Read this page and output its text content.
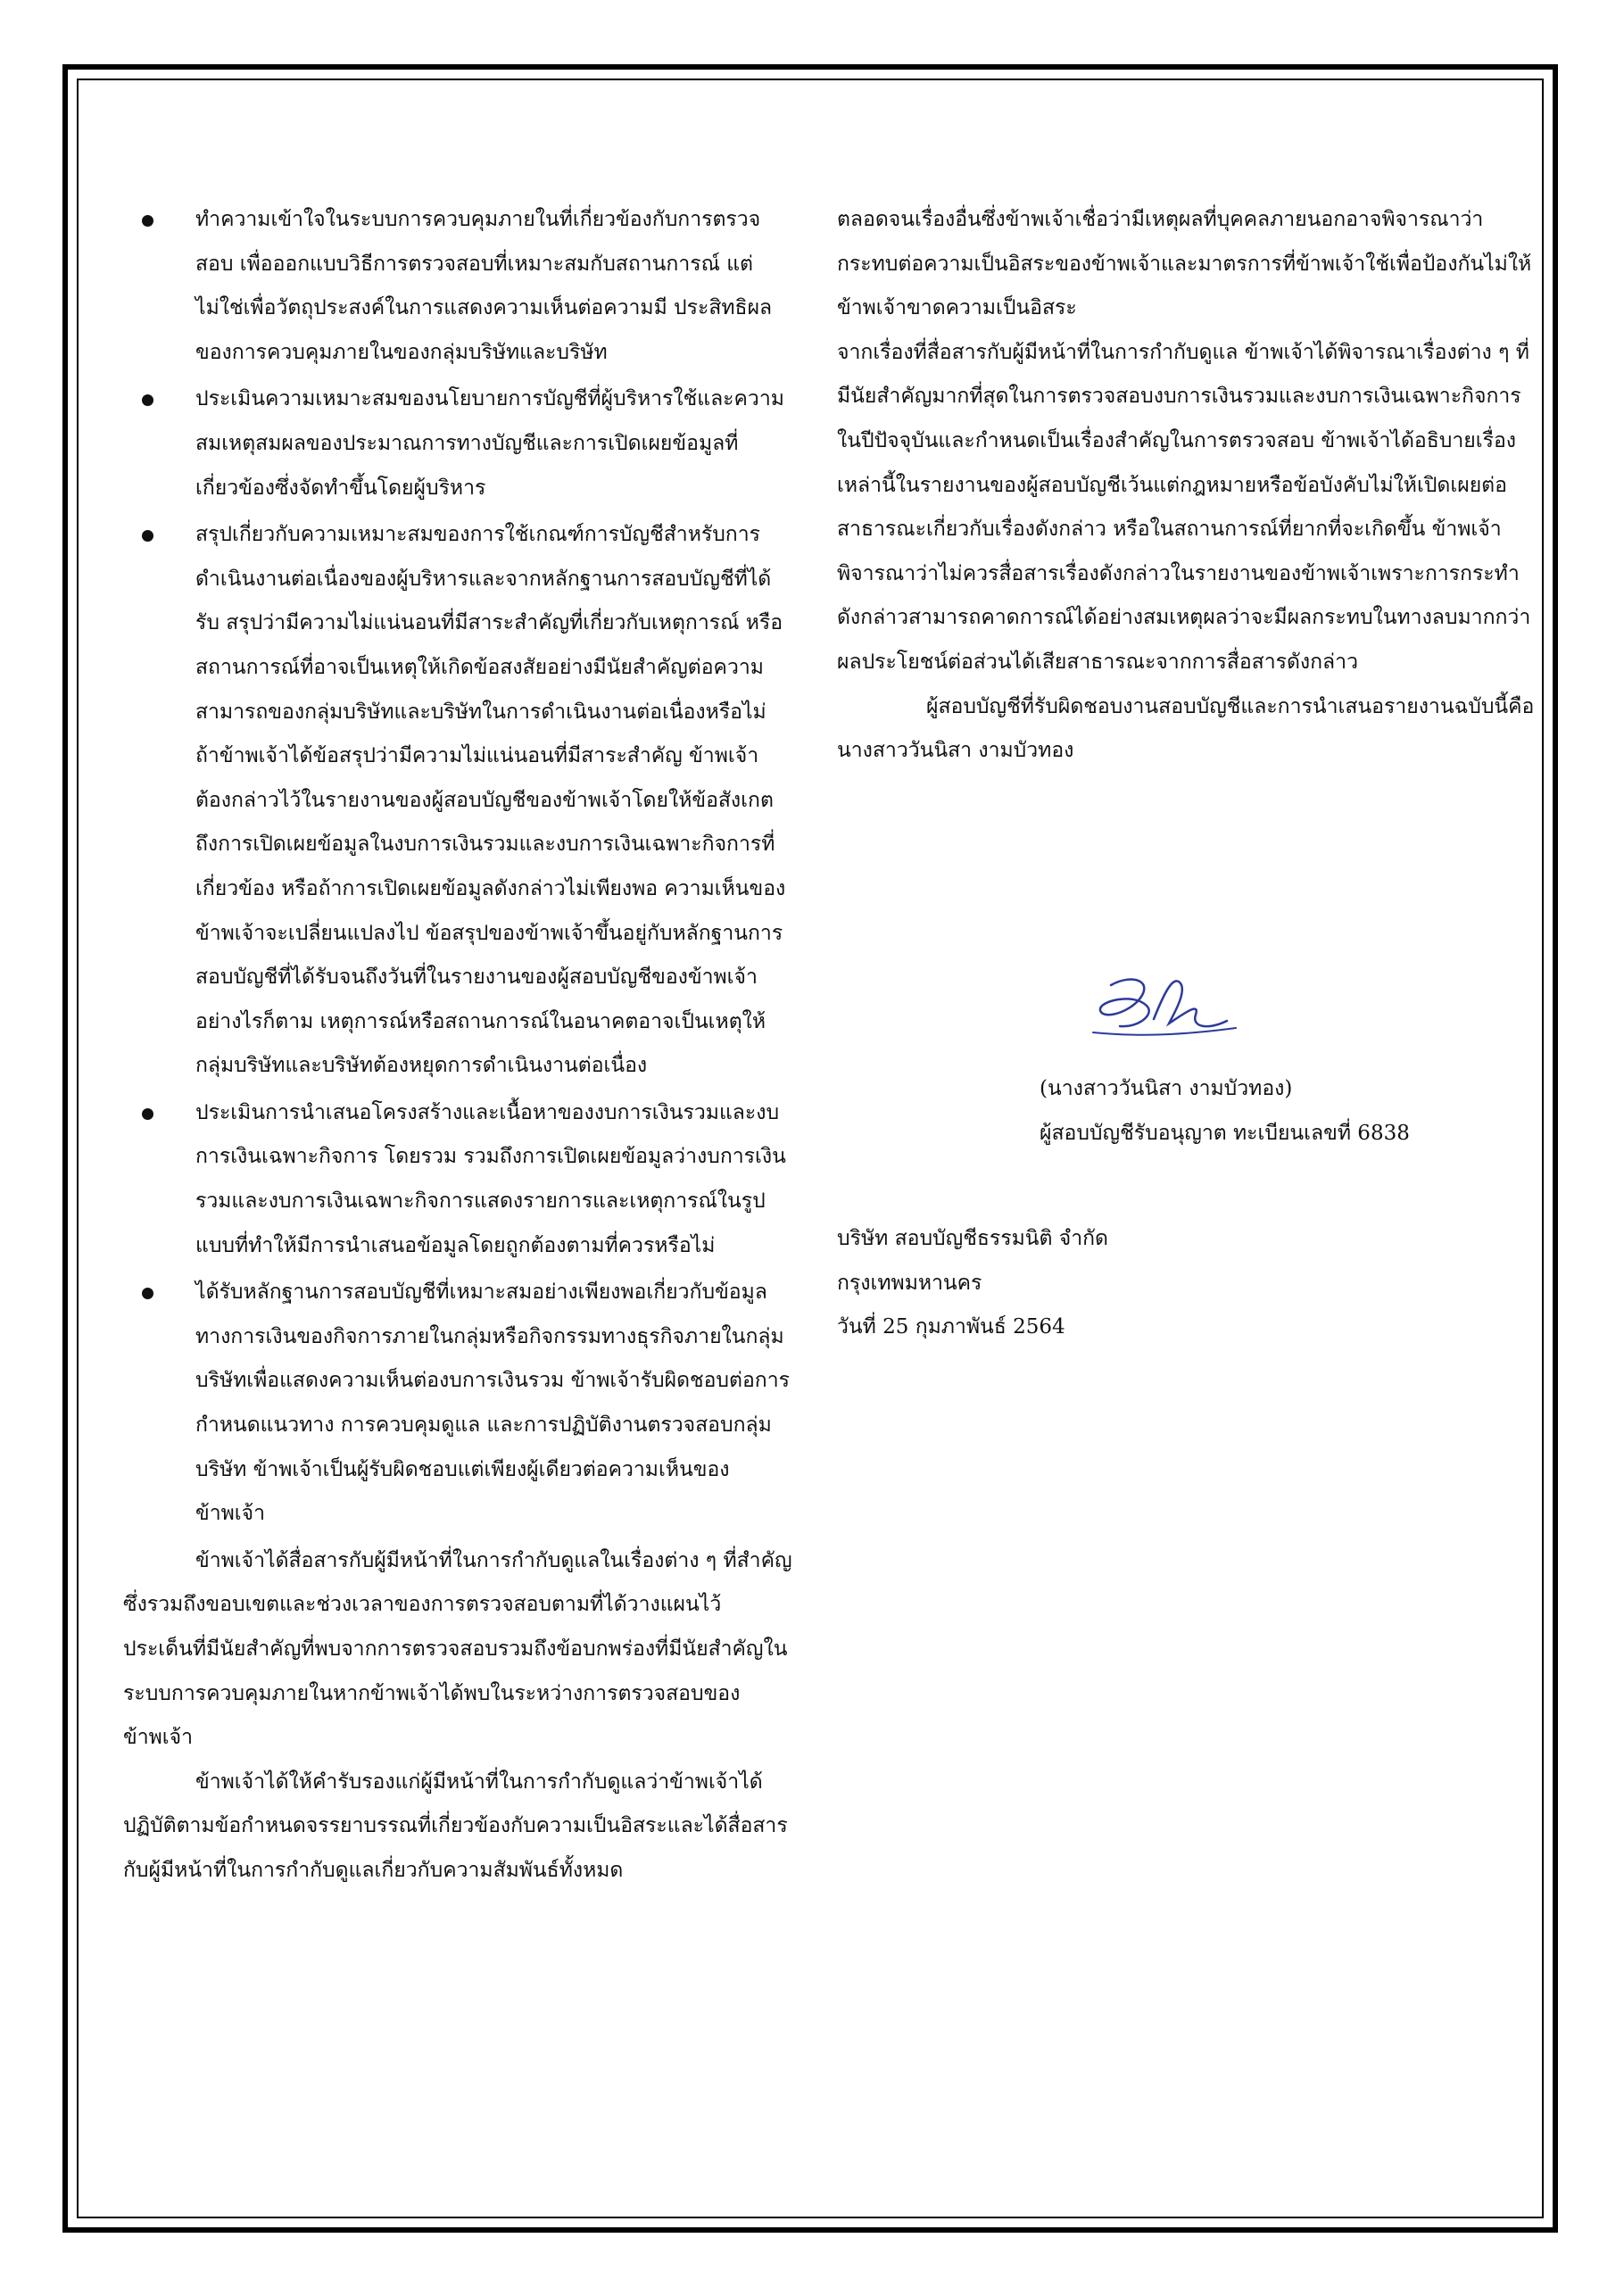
ทำความเข้าใจในระบบการควบคุมภายในที่เกี่ยวข้องกับการตรวจสอบ เพื่อออกแบบวิธีการตรวจสอบที่เหมาะสมกับสถานการณ์ แต่ไม่ใช่เพื่อวัตถุประสงค์ในการแสดงความเห็นต่อความมี ประสิทธิผลของการควบคุมภายในของกลุ่มบริษัทและบริษัท
ประเมินความเหมาะสมของนโยบายการบัญชีที่ผู้บริหารใช้และความสมเหตุสมผลของประมาณการทางบัญชีและการเปิดเผยข้อมูลที่เกี่ยวข้องซึ่งจัดทำขึ้นโดยผู้บริหาร
สรุปเกี่ยวกับความเหมาะสมของการใช้เกณฑ์การบัญชีสำหรับการดำเนินงานต่อเนื่องของผู้บริหารและจากหลักฐานการสอบบัญชีที่ได้รับ สรุปว่ามีความไม่แน่นอนที่มีสาระสำคัญที่เกี่ยวกับเหตุการณ์ หรือสถานการณ์ที่อาจเป็นเหตุให้เกิดข้อสงสัยอย่างมีนัยสำคัญต่อความสามารถของกลุ่มบริษัทและบริษัทในการดำเนินงานต่อเนื่องหรือไม่ ถ้าข้าพเจ้าได้ข้อสรุปว่ามีความไม่แน่นอนที่มีสาระสำคัญ ข้าพเจ้าต้องกล่าวไว้ในรายงานของผู้สอบบัญชีของข้าพเจ้าโดยให้ข้อสังเกตถึงการเปิดเผยข้อมูลในงบการเงินรวมและงบการเงินเฉพาะกิจการที่เกี่ยวข้อง หรือถ้าการเปิดเผยข้อมูลดังกล่าวไม่เพียงพอ ความเห็นของข้าพเจ้าจะเปลี่ยนแปลงไป ข้อสรุปของข้าพเจ้าขึ้นอยู่กับหลักฐานการสอบบัญชีที่ได้รับจนถึงวันที่ในรายงานของผู้สอบบัญชีของข้าพเจ้า อย่างไรก็ตาม เหตุการณ์หรือสถานการณ์ในอนาคตอาจเป็นเหตุให้กลุ่มบริษัทและบริษัทต้องหยุดการดำเนินงานต่อเนื่อง
ประเมินการนำเสนอโครงสร้างและเนื้อหาของงบการเงินรวมและงบการเงินเฉพาะกิจการ โดยรวม รวมถึงการเปิดเผยข้อมูลว่างบการเงินรวมและงบการเงินเฉพาะกิจการแสดงรายการและเหตุการณ์ในรูปแบบที่ทำให้มีการนำเสนอข้อมูลโดยถูกต้องตามที่ควรหรือไม่
ได้รับหลักฐานการสอบบัญชีที่เหมาะสมอย่างเพียงพอเกี่ยวกับข้อมูลทางการเงินของกิจการภายในกลุ่มหรือกิจกรรมทางธุรกิจภายในกลุ่มบริษัทเพื่อแสดงความเห็นต่องบการเงินรวม ข้าพเจ้ารับผิดชอบต่อการกำหนดแนวทาง การควบคุมดูแล และการปฏิบัติงานตรวจสอบกลุ่มบริษัท ข้าพเจ้าเป็นผู้รับผิดชอบแต่เพียงผู้เดียวต่อความเห็นของข้าพเจ้า

ข้าพเจ้าได้สื่อสารกับผู้มีหน้าที่ในการกำกับดูแลในเรื่องต่าง ๆ ที่สำคัญซึ่งรวมถึงขอบเขตและช่วงเวลาของการตรวจสอบตามที่ได้วางแผนไว้ ประเด็นที่มีนัยสำคัญที่พบจากการตรวจสอบรวมถึงข้อบกพร่องที่มีนัยสำคัญในระบบการควบคุมภายในหากข้าพเจ้าได้พบในระหว่างการตรวจสอบของข้าพเจ้า

ข้าพเจ้าได้ให้คำรับรองแก่ผู้มีหน้าที่ในการกำกับดูแลว่าข้าพเจ้าได้ปฏิบัติตามข้อกำหนดจรรยาบรรณที่เกี่ยวข้องกับความเป็นอิสระและได้สื่อสารกับผู้มีหน้าที่ในการกำกับดูแลเกี่ยวกับความสัมพันธ์ทั้งหมด

ตลอดจนเรื่องอื่นซึ่งข้าพเจ้าเชื่อว่ามีเหตุผลที่บุคคลภายนอกอาจพิจารณาว่ากระทบต่อความเป็นอิสระของข้าพเจ้าและมาตรการที่ข้าพเจ้าใช้เพื่อป้องกันไม่ให้ข้าพเจ้าขาดความเป็นอิสระ

จากเรื่องที่สื่อสารกับผู้มีหน้าที่ในการกำกับดูแล ข้าพเจ้าได้พิจารณาเรื่องต่าง ๆ ที่มีนัยสำคัญมากที่สุดในการตรวจสอบงบการเงินรวมและงบการเงินเฉพาะกิจการในปีปัจจุบันและกำหนดเป็นเรื่องสำคัญในการตรวจสอบ ข้าพเจ้าได้อธิบายเรื่องเหล่านี้ในรายงานของผู้สอบบัญชีเว้นแต่กฎหมายหรือข้อบังคับไม่ให้เปิดเผยต่อสาธารณะเกี่ยวกับเรื่องดังกล่าว หรือในสถานการณ์ที่ยากที่จะเกิดขึ้น ข้าพเจ้าพิจารณาว่าไม่ควรสื่อสารเรื่องดังกล่าวในรายงานของข้าพเจ้าเพราะการกระทำดังกล่าวสามารถคาดการณ์ได้อย่างสมเหตุผลว่าจะมีผลกระทบในทางลบมากกว่าผลประโยชน์ต่อส่วนได้เสียสาธารณะจากการสื่อสารดังกล่าว

ผู้สอบบัญชีที่รับผิดชอบงานสอบบัญชีและการนำเสนอรายงานฉบับนี้คือ นางสาววันนิสา งามบัวทอง

(นางสาววันนิสา งามบัวทอง)

ผู้สอบบัญชีรับอนุญาต ทะเบียนเลขที่ 6838

บริษัท สอบบัญชีธรรมนิติ จำกัด

กรุงเทพมหานคร

วันที่ 25 กุมภาพันธ์ 2564
